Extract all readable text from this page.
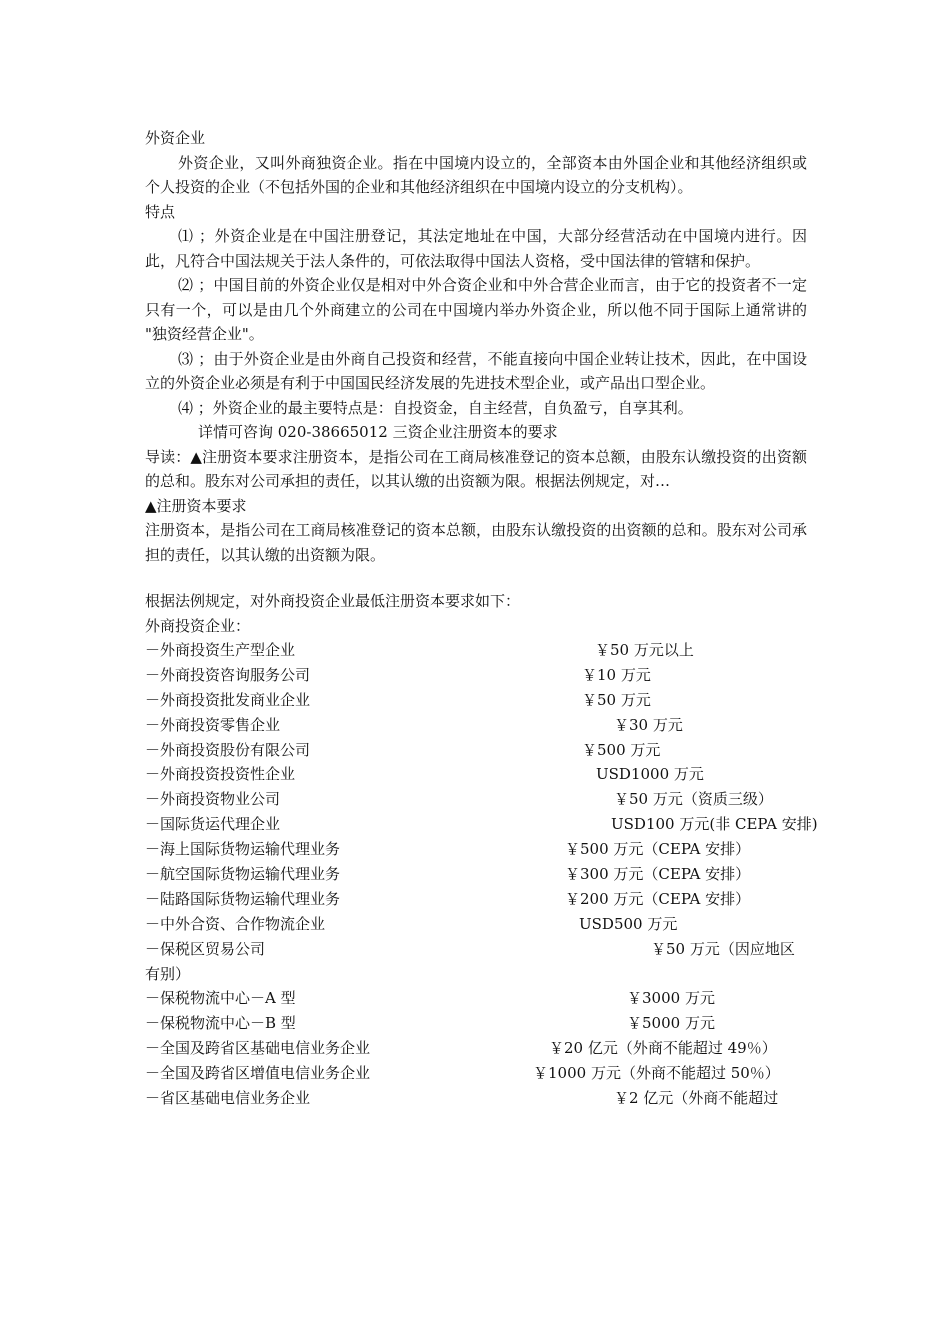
外资企业

外资企业，又叫外商独资企业。指在中国境内设立的，全部资本由外国企业和其他经济组织或个人投资的企业（不包括外国的企业和其他经济组织在中国境内设立的分支机构）。

特点

⑴ ；外资企业是在中国注册登记，其法定地址在中国，大部分经营活动在中国境内进行。因此，凡符合中国法规关于法人条件的，可依法取得中国法人资格，受中国法律的管辖和保护。

⑵ ；中国目前的外资企业仅是相对中外合资企业和中外合营企业而言，由于它的投资者不一定只有一个，可以是由几个外商建立的公司在中国境内举办外资企业，所以他不同于国际上通常讲的 "独资经营企业"。

⑶ ；由于外资企业是由外商自己投资和经营，不能直接向中国企业转让技术，因此，在中国设立的外资企业必须是有利于中国国民经济发展的先进技术型企业，或产品出口型企业。

⑷ ；外资企业的最主要特点是：自投资金，自主经营，自负盈亏，自享其利。

详情可咨询 020-38665012 三资企业注册资本的要求

导读：▲注册资本要求注册资本，是指公司在工商局核准登记的资本总额，由股东认缴投资的出资额的总和。股东对公司承担的责任，以其认缴的出资额为限。根据法例规定，对…

▲注册资本要求

注册资本，是指公司在工商局核准登记的资本总额，由股东认缴投资的出资额的总和。股东对公司承担的责任，以其认缴的出资额为限。

根据法例规定，对外商投资企业最低注册资本要求如下：

外商投资企业：

－外商投资生产型企业	￥50 万元以上
－外商投资咨询服务公司	￥10 万元
－外商投资批发商业企业	￥50 万元
－外商投资零售企业	￥30 万元
－外商投资股份有限公司	￥500 万元
－外商投资投资性企业	USD1000 万元
－外商投资物业公司	￥50 万元（资质三级）
－国际货运代理企业	USD100 万元(非 CEPA 安排)
－海上国际货物运输代理业务	￥500 万元（CEPA 安排）
－航空国际货物运输代理业务	￥300 万元（CEPA 安排）
－陆路国际货物运输代理业务	￥200 万元（CEPA 安排）
－中外合资、合作物流企业	USD500 万元
－保税区贸易公司	￥50 万元（因应地区
有别）
－保税物流中心－A 型	￥3000 万元
－保税物流中心－B 型	￥5000 万元
－全国及跨省区基础电信业务企业	￥20 亿元（外商不能超过 49％）
－全国及跨省区增值电信业务企业	￥1000 万元（外商不能超过 50％）
－省区基础电信业务企业	￥2 亿元（外商不能超过
